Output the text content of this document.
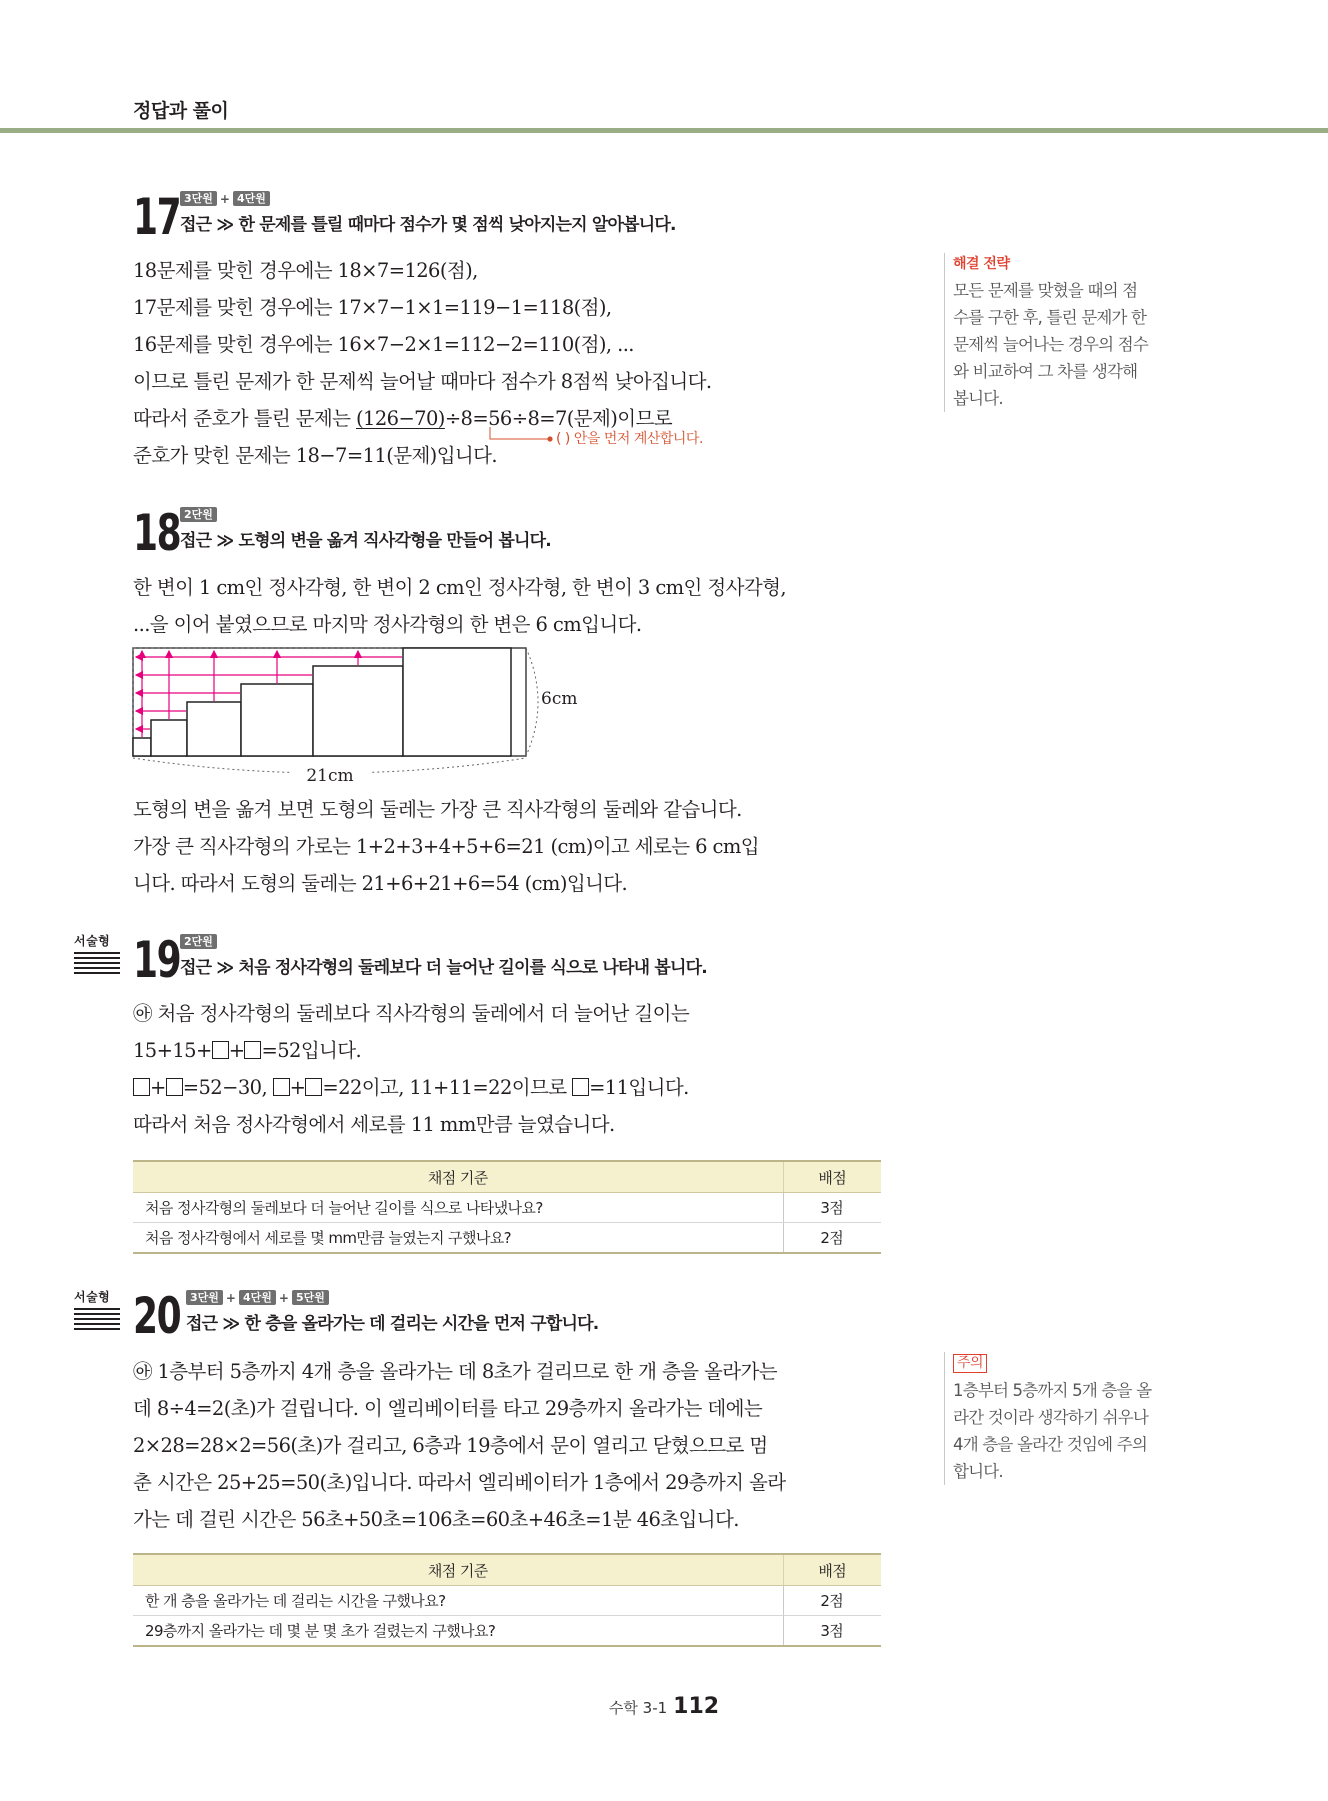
정답과 풀이
17 3단원 + 4단원
접근 ≫ 한 문제를 틀릴 때마다 점수가 몇 점씩 낮아지는지 알아봅니다.
18문제를 맞힌 경우에는 18×7=126(점),
17문제를 맞힌 경우에는 17×7−1×1=119−1=118(점),
16문제를 맞힌 경우에는 16×7−2×1=112−2=110(점), ...
이므로 틀린 문제가 한 문제씩 늘어날 때마다 점수가 8점씩 낮아집니다.
따라서 준호가 틀린 문제는 (126−70)÷8=56÷8=7(문제)이므로
준호가 맞힌 문제는 18−7=11(문제)입니다.
( ) 안을 먼저 계산합니다.
해결 전략
모든 문제를 맞혔을 때의 점
수를 구한 후, 틀린 문제가 한
문제씩 늘어나는 경우의 점수
와 비교하여 그 차를 생각해
봅니다.
18 2단원
접근 ≫ 도형의 변을 옮겨 직사각형을 만들어 봅니다.
한 변이 1 cm인 정사각형, 한 변이 2 cm인 정사각형, 한 변이 3 cm인 정사각형,
...을 이어 붙였으므로 마지막 정사각형의 한 변은 6 cm입니다.
6cm
21cm
도형의 변을 옮겨 보면 도형의 둘레는 가장 큰 직사각형의 둘레와 같습니다.
가장 큰 직사각형의 가로는 1+2+3+4+5+6=21 (cm)이고 세로는 6 cm입
니다. 따라서 도형의 둘레는 21+6+21+6=54 (cm)입니다.
서술형 19 2단원
접근 ≫ 처음 정사각형의 둘레보다 더 늘어난 길이를 식으로 나타내 봅니다.
㉵ 처음 정사각형의 둘레보다 직사각형의 둘레에서 더 늘어난 길이는
15+15+ + =52입니다.
+ =52−30, + =22이고, 11+11=22이므로 =11입니다.
따라서 처음 정사각형에서 세로를 11 mm만큼 늘였습니다.
채점 기준	배점
처음 정사각형의 둘레보다 더 늘어난 길이를 식으로 나타냈나요?	3점
처음 정사각형에서 세로를 몇 mm만큼 늘였는지 구했나요?	2점
서술형 20 3단원 + 4단원 + 5단원
접근 ≫ 한 층을 올라가는 데 걸리는 시간을 먼저 구합니다.
㉵ 1층부터 5층까지 4개 층을 올라가는 데 8초가 걸리므로 한 개 층을 올라가는
데 8÷4=2(초)가 걸립니다. 이 엘리베이터를 타고 29층까지 올라가는 데에는
2×28=28×2=56(초)가 걸리고, 6층과 19층에서 문이 열리고 닫혔으므로 멈
춘 시간은 25+25=50(초)입니다. 따라서 엘리베이터가 1층에서 29층까지 올라
가는 데 걸린 시간은 56초+50초=106초=60초+46초=1분 46초입니다.
주의
1층부터 5층까지 5개 층을 올
라간 것이라 생각하기 쉬우나
4개 층을 올라간 것임에 주의
합니다.
채점 기준	배점
한 개 층을 올라가는 데 걸리는 시간을 구했나요?	2점
29층까지 올라가는 데 몇 분 몇 초가 걸렸는지 구했나요?	3점
수학 3-1 112
